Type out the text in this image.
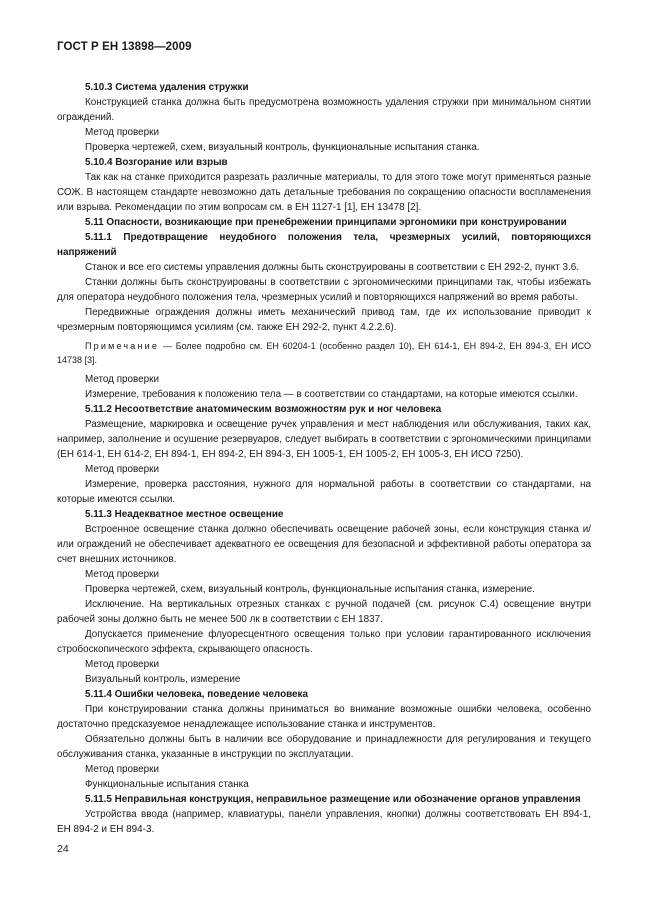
ГОСТ Р ЕН 13898—2009

5.10.3 Система удаления стружки

Конструкцией станка должна быть предусмотрена возможность удаления стружки при минимальном снятии ограждений.

Метод проверки

Проверка чертежей, схем, визуальный контроль, функциональные испытания станка.

5.10.4 Возгорание или взрыв

Так как на станке приходится разрезать различные материалы, то для этого тоже могут применяться разные СОЖ. В настоящем стандарте невозможно дать детальные требования по сокращению опасности воспламенения или взрыва. Рекомендации по этим вопросам см. в ЕН 1127-1 [1], ЕН 13478 [2].

5.11 Опасности, возникающие при пренебрежении принципами эргономики при конструировании

5.11.1 Предотвращение неудобного положения тела, чрезмерных усилий, повторяющихся напряжений

Станок и все его системы управления должны быть сконструированы в соответствии с ЕН 292-2, пункт 3.6.

Станки должны быть сконструированы в соответствии с эргономическими принципами так, чтобы избежать для оператора неудобного положения тела, чрезмерных усилий и повторяющихся напряжений во время работы.

Передвижные ограждения должны иметь механический привод там, где их использование приводит к чрезмерным повторяющимся усилиям (см. также ЕН 292-2, пункт 4.2.2.6).

Примечание — Более подробно см. ЕН 60204-1 (особенно раздел 10), ЕН 614-1, ЕН 894-2, ЕН 894-3, ЕН ИСО 14738 [3].

Метод проверки

Измерение, требования к положению тела — в соответствии со стандартами, на которые имеются ссылки.

5.11.2 Несоответствие анатомическим возможностям рук и ног человека

Размещение, маркировка и освещение ручек управления и мест наблюдения или обслуживания, таких как, например, заполнение и осушение резервуаров, следует выбирать в соответствии с эргономическими принципами (ЕН 614-1, ЕН 614-2, ЕН 894-1, ЕН 894-2, ЕН 894-3, ЕН 1005-1, ЕН 1005-2, ЕН 1005-3, ЕН ИСО 7250).

Метод проверки

Измерение, проверка расстояния, нужного для нормальной работы в соответствии со стандартами, на которые имеются ссылки.

5.11.3 Неадекватное местное освещение

Встроенное освещение станка должно обеспечивать освещение рабочей зоны, если конструкция станка и/или ограждений не обеспечивает адекватного ее освещения для безопасной и эффективной работы оператора за счет внешних источников.

Метод проверки

Проверка чертежей, схем, визуальный контроль, функциональные испытания станка, измерение.

Исключение. На вертикальных отрезных станках с ручной подачей (см. рисунок С.4) освещение внутри рабочей зоны должно быть не менее 500 лк в соответствии с ЕН 1837.

Допускается применение флуоресцентного освещения только при условии гарантированного исключения стробоскопического эффекта, скрывающего опасность.

Метод проверки

Визуальный контроль, измерение

5.11.4 Ошибки человека, поведение человека

При конструировании станка должны приниматься во внимание возможные ошибки человека, особенно достаточно предсказуемое ненадлежащее использование станка и инструментов.

Обязательно должны быть в наличии все оборудование и принадлежности для регулирования и текущего обслуживания станка, указанные в инструкции по эксплуатации.

Метод проверки

Функциональные испытания станка

5.11.5 Неправильная конструкция, неправильное размещение или обозначение органов управления

Устройства ввода (например, клавиатуры, панели управления, кнопки) должны соответствовать ЕН 894-1, ЕН 894-2 и ЕН 894-3.

24
